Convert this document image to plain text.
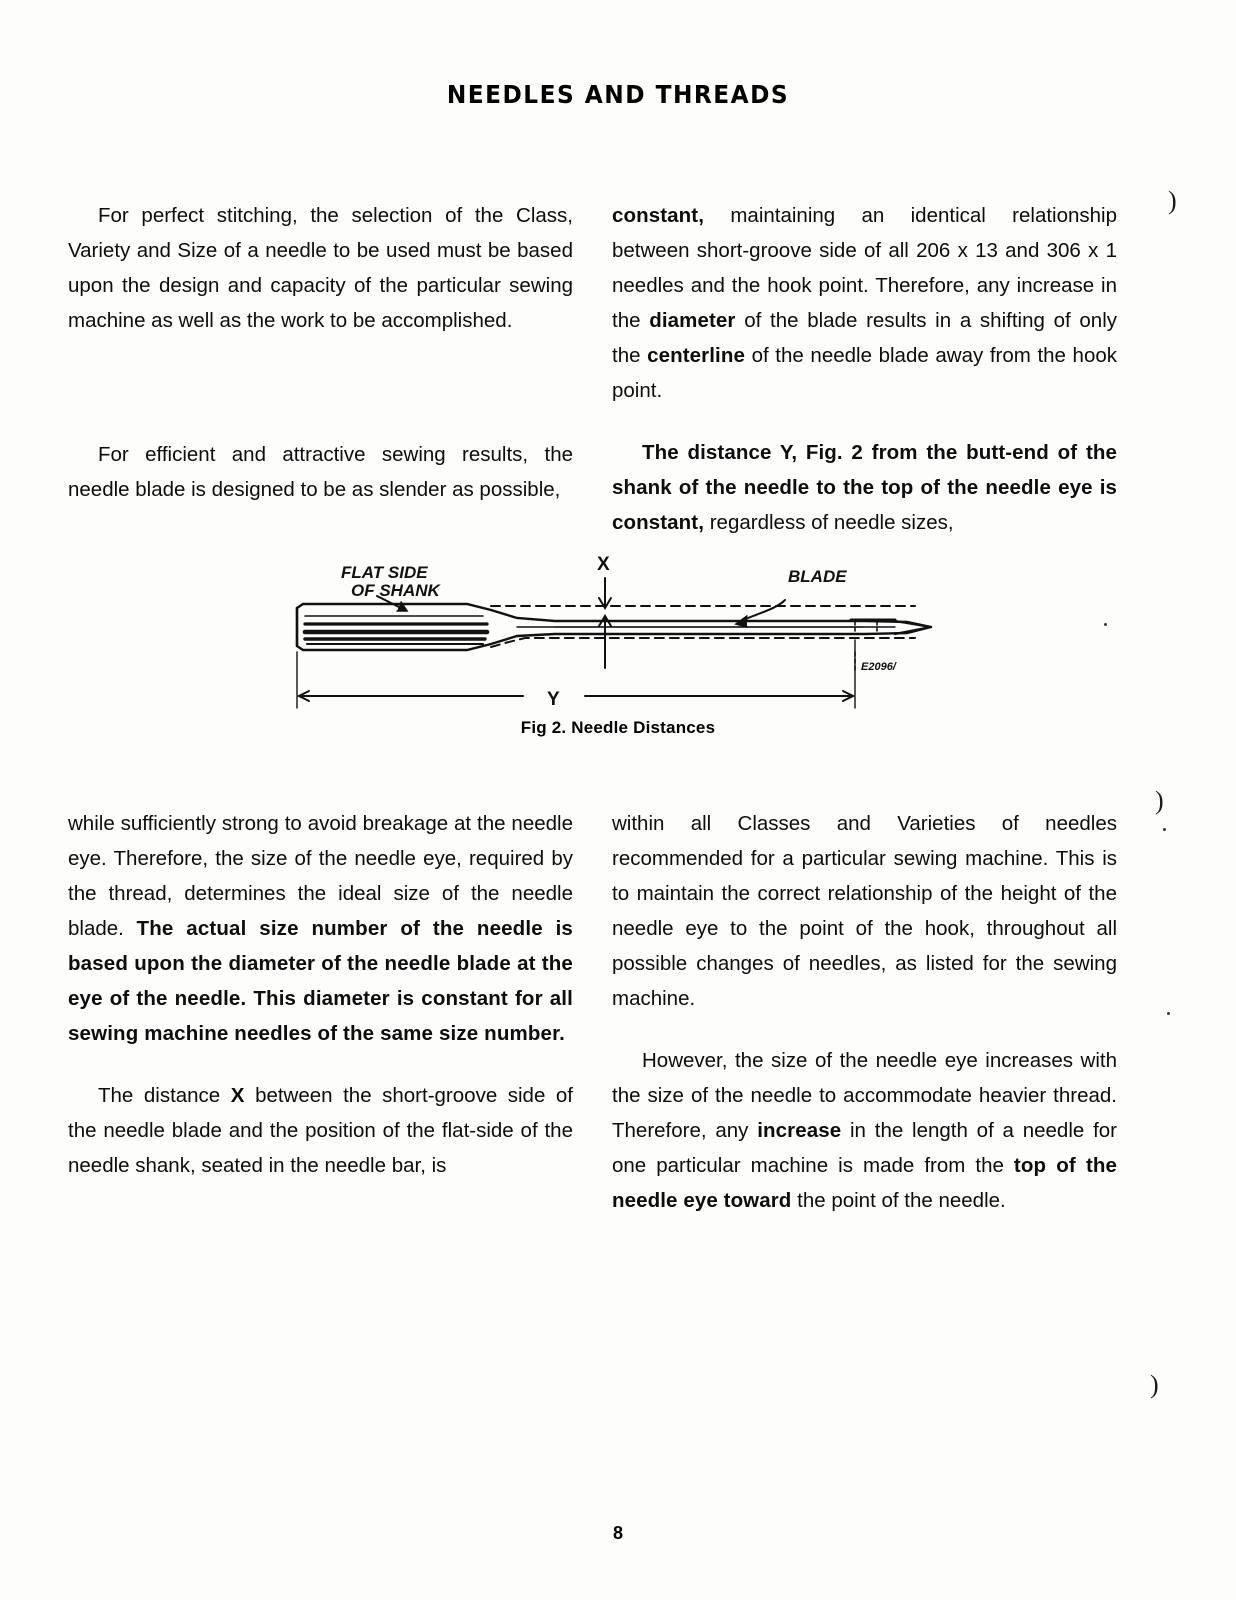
NEEDLES AND THREADS

For perfect stitching, the selection of the Class, Variety and Size of a needle to be used must be based upon the design and capacity of the particular sewing machine as well as the work to be accomplished.

For efficient and attractive sewing results, the needle blade is designed to be as slender as possible,

constant, maintaining an identical relationship between short-groove side of all 206 x 13 and 306 x 1 needles and the hook point. Therefore, any increase in the diameter of the blade results in a shifting of only the centerline of the needle blade away from the hook point.

The distance Y, Fig. 2 from the butt-end of the shank of the needle to the top of the needle eye is constant, regardless of needle sizes,

FLAT SIDE
OF SHANK
BLADE
X
Y
E2096/
Fig 2. Needle Distances

while sufficiently strong to avoid breakage at the needle eye. Therefore, the size of the needle eye, required by the thread, determines the ideal size of the needle blade. The actual size number of the needle is based upon the diameter of the needle blade at the eye of the needle. This diameter is constant for all sewing machine needles of the same size number.

The distance X between the short-groove side of the needle blade and the position of the flat-side of the needle shank, seated in the needle bar, is

within all Classes and Varieties of needles recommended for a particular sewing machine. This is to maintain the correct relationship of the height of the needle eye to the point of the hook, throughout all possible changes of needles, as listed for the sewing machine.

However, the size of the needle eye increases with the size of the needle to accommodate heavier thread. Therefore, any increase in the length of a needle for one particular machine is made from the top of the needle eye toward the point of the needle.

8
)
)
)
